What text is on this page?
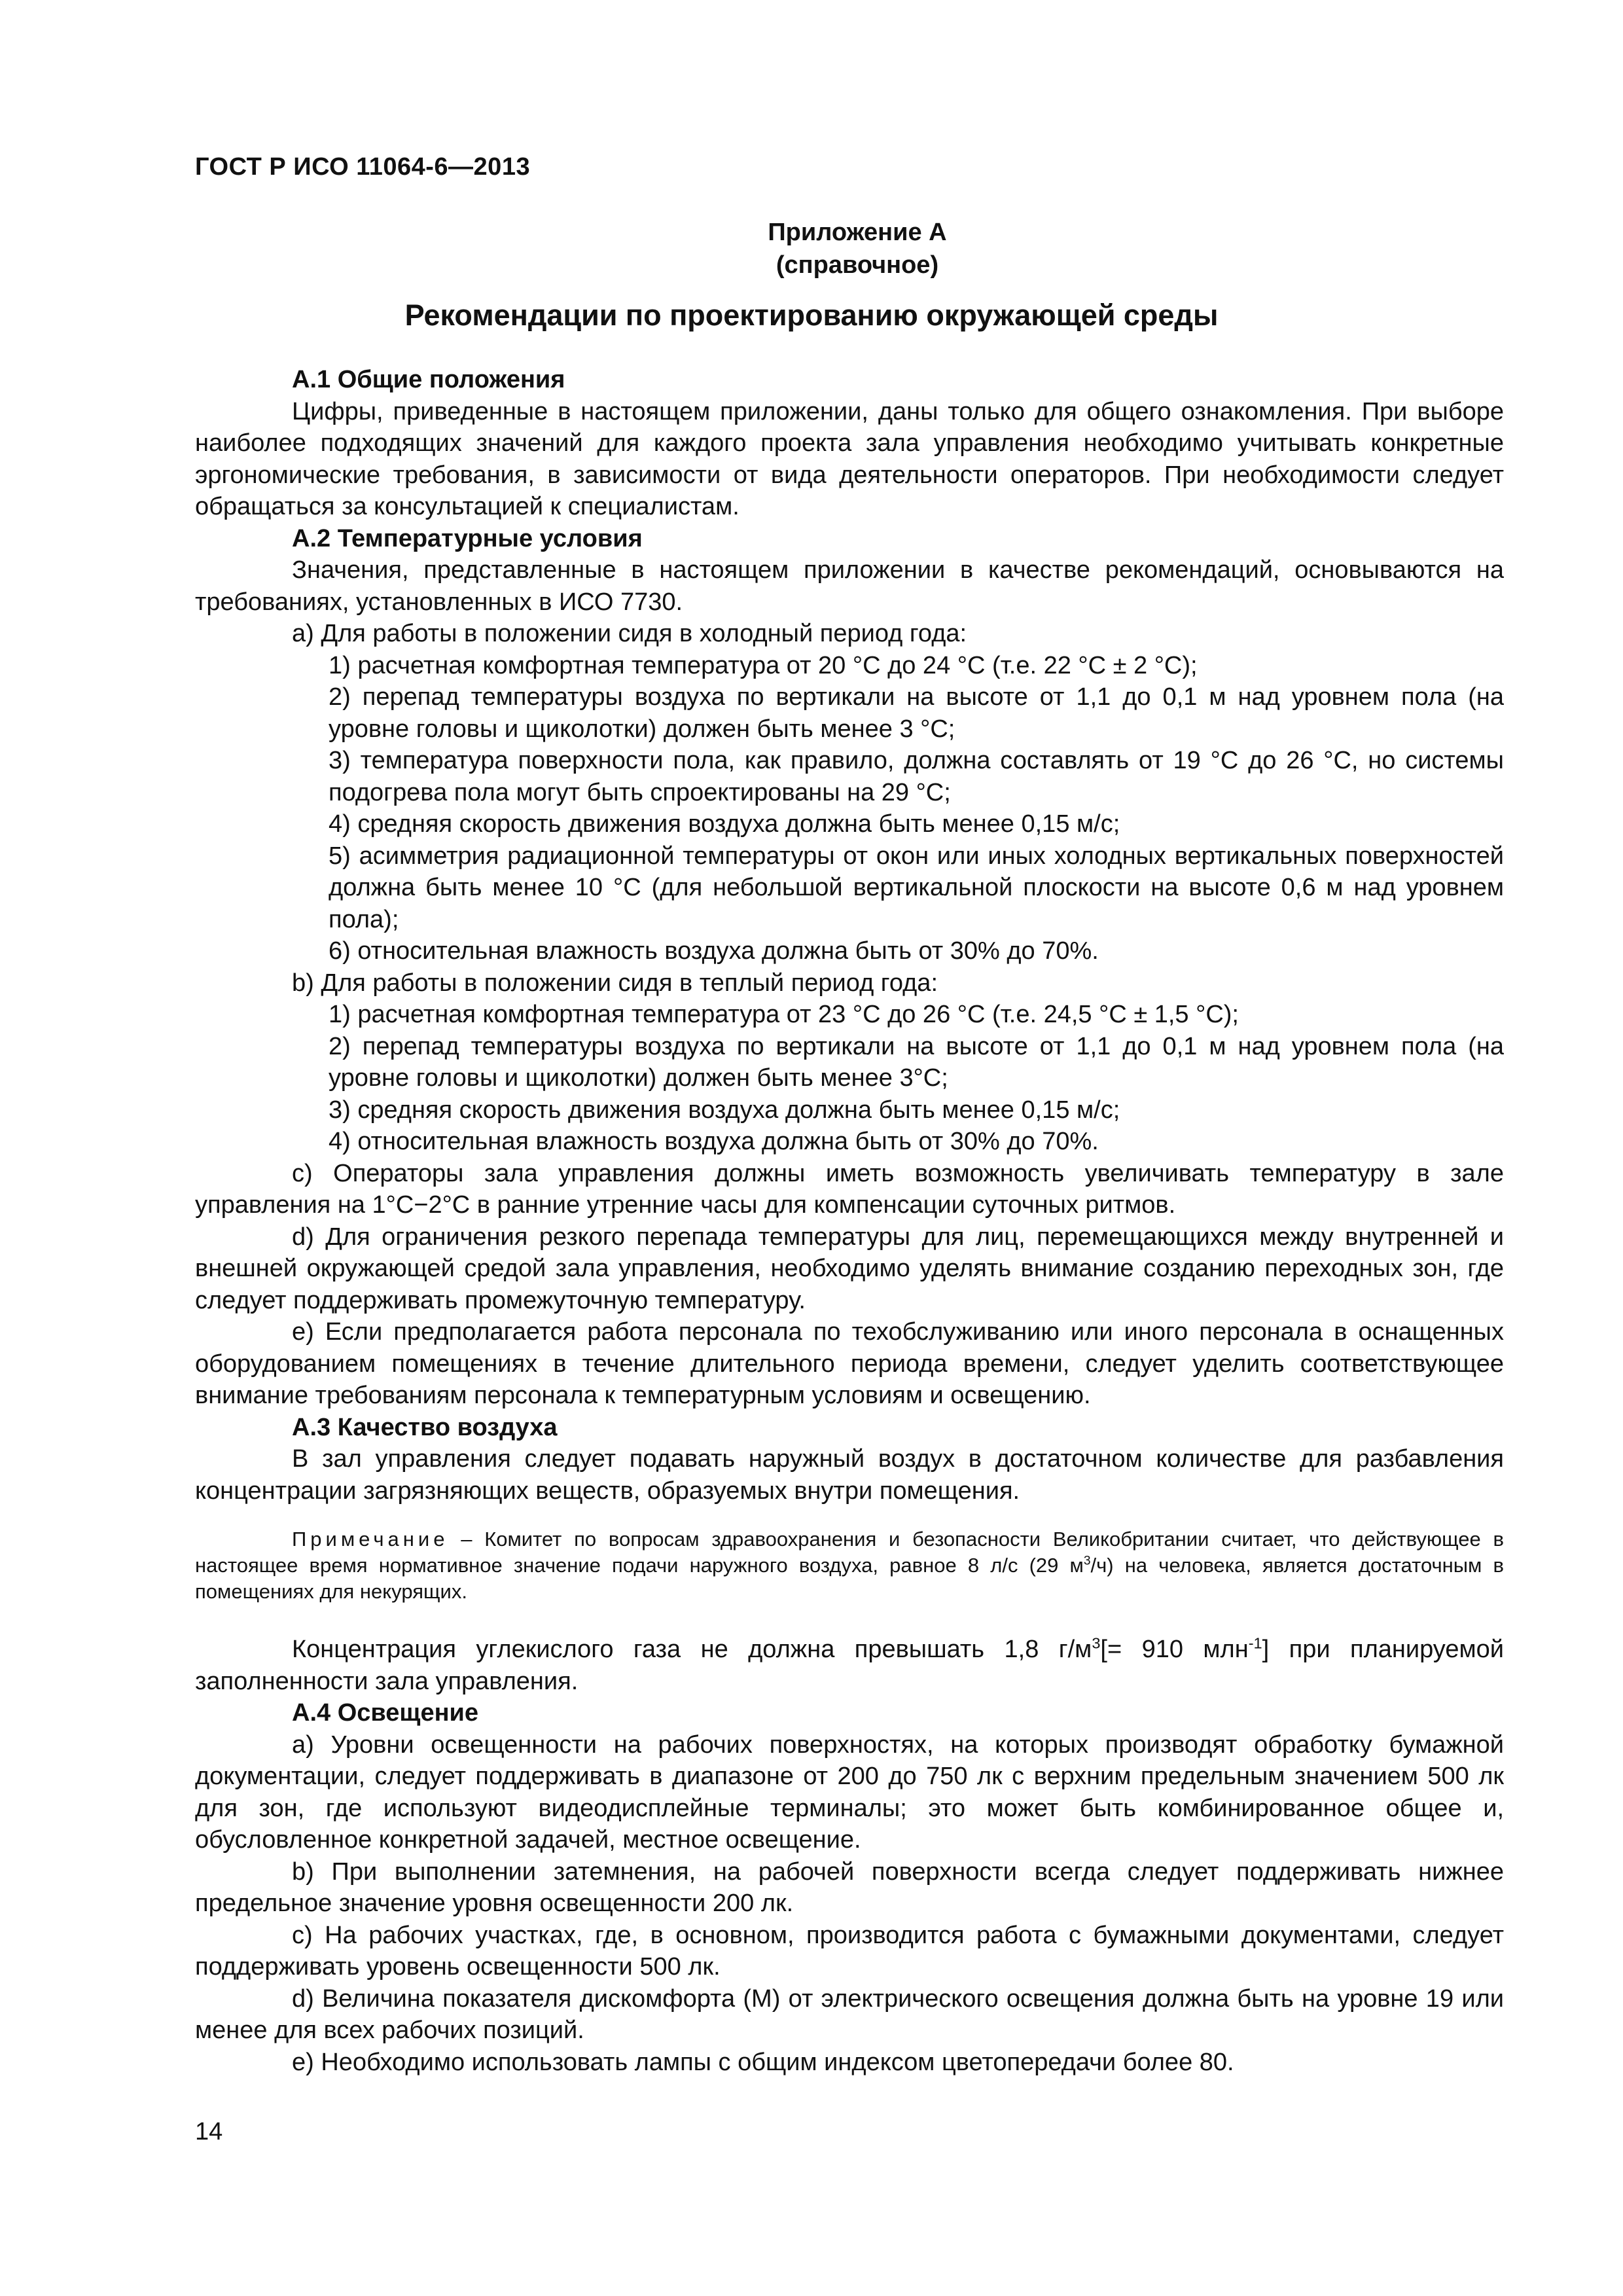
ГОСТ Р ИСО 11064-6—2013
Приложение А
(справочное)
Рекомендации по проектированию окружающей среды

А.1 Общие положения

Цифры, приведенные в настоящем приложении, даны только для общего ознакомления. При выборе наиболее подходящих значений для каждого проекта зала управления необходимо учитывать конкретные эргономические требования, в зависимости от вида деятельности операторов. При необходимости следует обращаться за консультацией к специалистам.

А.2 Температурные условия

Значения, представленные в настоящем приложении в качестве рекомендаций, основываются на требованиях, установленных в ИСО 7730.

а) Для работы в положении сидя в холодный период года:

1) расчетная комфортная температура от 20 °С до 24 °С (т.е. 22 °С ± 2 °С);

2) перепад температуры воздуха по вертикали на высоте от 1,1 до 0,1 м над уровнем пола (на уровне головы и щиколотки) должен быть менее 3 °С;

3) температура поверхности пола, как правило, должна составлять от 19 °С до 26 °С, но системы подогрева пола могут быть спроектированы на 29 °С;

4) средняя скорость движения воздуха должна быть менее 0,15 м/с;

5) асимметрия радиационной температуры от окон или иных холодных вертикальных поверхностей должна быть менее 10 °С (для небольшой вертикальной плоскости на высоте 0,6 м над уровнем пола);

6) относительная влажность воздуха должна быть от 30% до 70%.

b) Для работы в положении сидя в теплый период года:

1) расчетная комфортная температура от 23 °С до 26 °С (т.е. 24,5 °С ± 1,5 °С);

2) перепад температуры воздуха по вертикали на высоте от 1,1 до 0,1 м над уровнем пола (на уровне головы и щиколотки) должен быть менее 3°С;

3) средняя скорость движения воздуха должна быть менее 0,15 м/с;

4) относительная влажность воздуха должна быть от 30% до 70%.

с) Операторы зала управления должны иметь возможность увеличивать температуру в зале управления на 1°С−2°С в ранние утренние часы для компенсации суточных ритмов.

d) Для ограничения резкого перепада температуры для лиц, перемещающихся между внутренней и внешней окружающей средой зала управления, необходимо уделять внимание созданию переходных зон, где следует поддерживать промежуточную температуру.

е) Если предполагается работа персонала по техобслуживанию или иного персонала в оснащенных оборудованием помещениях в течение длительного периода времени, следует уделить соответствующее внимание требованиям персонала к температурным условиям и освещению.

А.3 Качество воздуха

В зал управления следует подавать наружный воздух в достаточном количестве для разбавления концентрации загрязняющих веществ, образуемых внутри помещения.

Примечание – Комитет по вопросам здравоохранения и безопасности Великобритании считает, что действующее в настоящее время нормативное значение подачи наружного воздуха, равное 8 л/с (29 $м^3/ч$) на человека, является достаточным в помещениях для некурящих.

Концентрация углекислого газа не должна превышать 1,8 $г/м^3[= 910$ млн$^{-1}$] при планируемой заполненности зала управления.

А.4 Освещение

а) Уровни освещенности на рабочих поверхностях, на которых производят обработку бумажной документации, следует поддерживать в диапазоне от 200 до 750 лк с верхним предельным значением 500 лк для зон, где используют видеодисплейные терминалы; это может быть комбинированное общее и, обусловленное конкретной задачей, местное освещение.

b) При выполнении затемнения, на рабочей поверхности всегда следует поддерживать нижнее предельное значение уровня освещенности 200 лк.

с) На рабочих участках, где, в основном, производится работа с бумажными документами, следует поддерживать уровень освещенности 500 лк.

d) Величина показателя дискомфорта (М) от электрического освещения должна быть на уровне 19 или менее для всех рабочих позиций.

е) Необходимо использовать лампы с общим индексом цветопередачи более 80.

14
